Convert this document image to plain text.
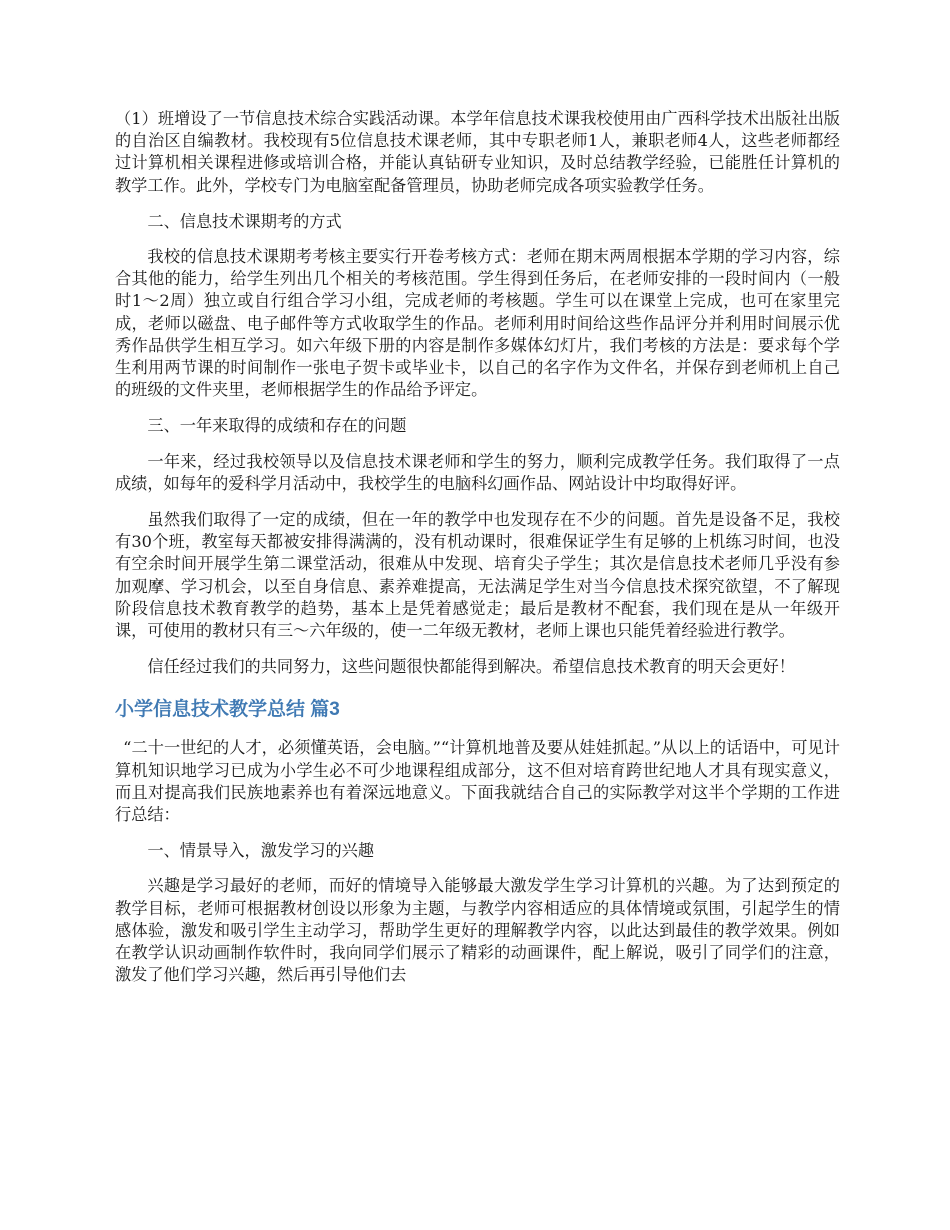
（1）班增设了一节信息技术综合实践活动课。本学年信息技术课我校使用由广西科学技术出版社出版的自治区自编教材。我校现有5位信息技术课老师，其中专职老师1人，兼职老师4人，这些老师都经过计算机相关课程进修或培训合格，并能认真钻研专业知识，及时总结教学经验，已能胜任计算机的教学工作。此外，学校专门为电脑室配备管理员，协助老师完成各项实验教学任务。

二、信息技术课期考的方式

我校的信息技术课期考考核主要实行开卷考核方式：老师在期末两周根据本学期的学习内容，综合其他的能力，给学生列出几个相关的考核范围。学生得到任务后，在老师安排的一段时间内（一般时1～2周）独立或自行组合学习小组，完成老师的考核题。学生可以在课堂上完成，也可在家里完成，老师以磁盘、电子邮件等方式收取学生的作品。老师利用时间给这些作品评分并利用时间展示优秀作品供学生相互学习。如六年级下册的内容是制作多媒体幻灯片，我们考核的方法是：要求每个学生利用两节课的时间制作一张电子贺卡或毕业卡，以自己的名字作为文件名，并保存到老师机上自己的班级的文件夹里，老师根据学生的作品给予评定。

三、一年来取得的成绩和存在的问题

一年来，经过我校领导以及信息技术课老师和学生的努力，顺利完成教学任务。我们取得了一点成绩，如每年的爱科学月活动中，我校学生的电脑科幻画作品、网站设计中均取得好评。

虽然我们取得了一定的成绩，但在一年的教学中也发现存在不少的问题。首先是设备不足，我校有30个班，教室每天都被安排得满满的，没有机动课时，很难保证学生有足够的上机练习时间，也没有空余时间开展学生第二课堂活动，很难从中发现、培育尖子学生；其次是信息技术老师几乎没有参加观摩、学习机会，以至自身信息、素养难提高，无法满足学生对当今信息技术探究欲望，不了解现阶段信息技术教育教学的趋势，基本上是凭着感觉走；最后是教材不配套，我们现在是从一年级开课，可使用的教材只有三～六年级的，使一二年级无教材，老师上课也只能凭着经验进行教学。

信任经过我们的共同努力，这些问题很快都能得到解决。希望信息技术教育的明天会更好！

小学信息技术教学总结 篇3

“二十一世纪的人才，必须懂英语，会电脑。”“计算机地普及要从娃娃抓起。”从以上的话语中，可见计算机知识地学习已成为小学生必不可少地课程组成部分，这不但对培育跨世纪地人才具有现实意义，而且对提高我们民族地素养也有着深远地意义。下面我就结合自己的实际教学对这半个学期的工作进行总结：

一、情景导入，激发学习的兴趣

兴趣是学习最好的老师，而好的情境导入能够最大激发学生学习计算机的兴趣。为了达到预定的教学目标，老师可根据教材创设以形象为主题，与教学内容相适应的具体情境或氛围，引起学生的情感体验，激发和吸引学生主动学习，帮助学生更好的理解教学内容，以此达到最佳的教学效果。例如在教学认识动画制作软件时，我向同学们展示了精彩的动画课件，配上解说，吸引了同学们的注意，激发了他们学习兴趣，然后再引导他们去
